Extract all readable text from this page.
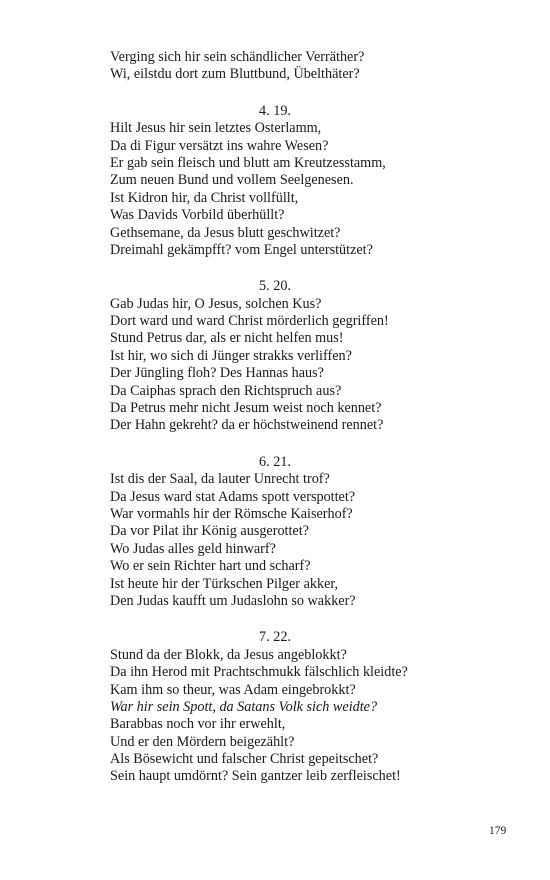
Verging sich hir sein schändlicher Verräther?
Wi, eilstdu dort zum Bluttbund, Übelthäter?
4. 19.
Hilt Jesus hir sein letztes Osterlamm,
Da di Figur versätzt ins wahre Wesen?
Er gab sein fleisch und blutt am Kreutzesstamm,
Zum neuen Bund und vollem Seelgenesen.
Ist Kidron hir, da Christ vollfüllt,
Was Davids Vorbild überhüllt?
Gethsemane, da Jesus blutt geschwitzet?
Dreimahl gekämpfft? vom Engel unterstützet?
5. 20.
Gab Judas hir, O Jesus, solchen Kus?
Dort ward und ward Christ mörderlich gegriffen!
Stund Petrus dar, als er nicht helfen mus!
Ist hir, wo sich di Jünger strakks verliffen?
Der Jüngling floh? Des Hannas haus?
Da Caiphas sprach den Richtspruch aus?
Da Petrus mehr nicht Jesum weist noch kennet?
Der Hahn gekreht? da er höchstweinend rennet?
6. 21.
Ist dis der Saal, da lauter Unrecht trof?
Da Jesus ward stat Adams spott verspottet?
War vormahls hir der Römsche Kaiserhof?
Da vor Pilat ihr König ausgerottet?
Wo Judas alles geld hinwarf?
Wo er sein Richter hart und scharf?
Ist heute hir der Türkschen Pilger akker,
Den Judas kaufft um Judaslohn so wakker?
7. 22.
Stund da der Blokk, da Jesus angeblokkt?
Da ihn Herod mit Prachtschmukk fälschlich kleidte?
Kam ihm so theur, was Adam eingebrokkt?
War hir sein Spott, da Satans Volk sich weidte?
Barabbas noch vor ihr erwehlt,
Und er den Mördern beigezählt?
Als Bösewicht und falscher Christ gepeitschet?
Sein haupt umdörnt? Sein gantzer leib zerfleischet!
179
